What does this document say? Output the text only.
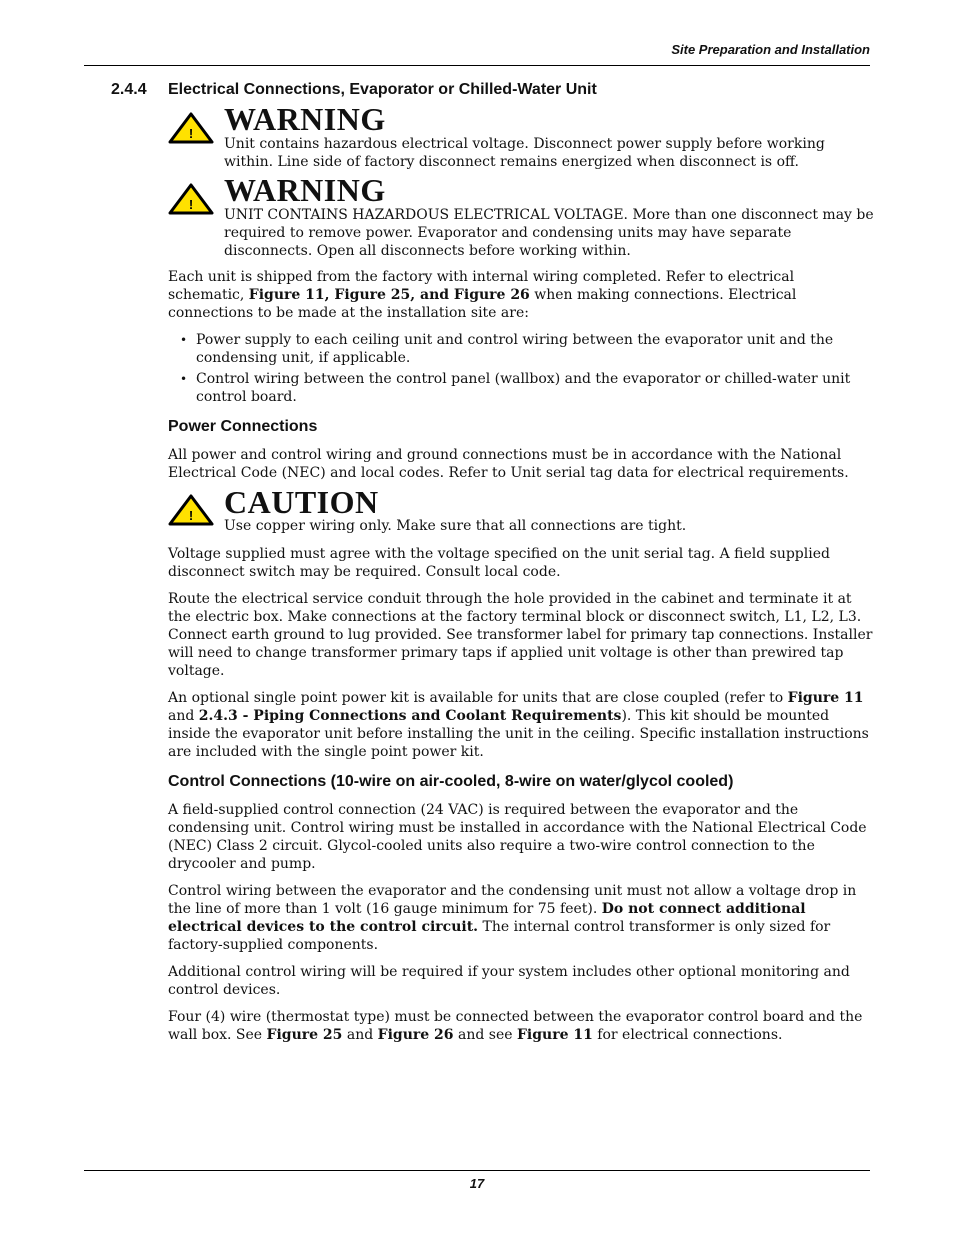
Site Preparation and Installation
2.4.4 Electrical Connections, Evaporator or Chilled-Water Unit
! WARNING

Unit contains hazardous electrical voltage. Disconnect power supply before working within. Line side of factory disconnect remains energized when disconnect is off.

! WARNING

UNIT CONTAINS HAZARDOUS ELECTRICAL VOLTAGE. More than one disconnect may be required to remove power. Evaporator and condensing units may have separate disconnects. Open all disconnects before working within.

Each unit is shipped from the factory with internal wiring completed. Refer to electrical schematic, Figure 11, Figure 25, and Figure 26 when making connections. Electrical connections to be made at the installation site are:

• Power supply to each ceiling unit and control wiring between the evaporator unit and the condensing unit, if applicable.

• Control wiring between the control panel (wallbox) and the evaporator or chilled-water unit control board.

Power Connections

All power and control wiring and ground connections must be in accordance with the National Electrical Code (NEC) and local codes. Refer to Unit serial tag data for electrical requirements.

! CAUTION

Use copper wiring only. Make sure that all connections are tight.

Voltage supplied must agree with the voltage specified on the unit serial tag. A field supplied disconnect switch may be required. Consult local code.

Route the electrical service conduit through the hole provided in the cabinet and terminate it at the electric box. Make connections at the factory terminal block or disconnect switch, L1, L2, L3. Connect earth ground to lug provided. See transformer label for primary tap connections. Installer will need to change transformer primary taps if applied unit voltage is other than prewired tap voltage.

An optional single point power kit is available for units that are close coupled (refer to Figure 11 and 2.4.3 - Piping Connections and Coolant Requirements). This kit should be mounted inside the evaporator unit before installing the unit in the ceiling. Specific installation instructions are included with the single point power kit.

Control Connections (10-wire on air-cooled, 8-wire on water/glycol cooled)

A field-supplied control connection (24 VAC) is required between the evaporator and the condensing unit. Control wiring must be installed in accordance with the National Electrical Code (NEC) Class 2 circuit. Glycol-cooled units also require a two-wire control connection to the drycooler and pump.

Control wiring between the evaporator and the condensing unit must not allow a voltage drop in the line of more than 1 volt (16 gauge minimum for 75 feet). Do not connect additional electrical devices to the control circuit. The internal control transformer is only sized for factory-supplied components.

Additional control wiring will be required if your system includes other optional monitoring and control devices.

Four (4) wire (thermostat type) must be connected between the evaporator control board and the wall box. See Figure 25 and Figure 26 and see Figure 11 for electrical connections.

17
